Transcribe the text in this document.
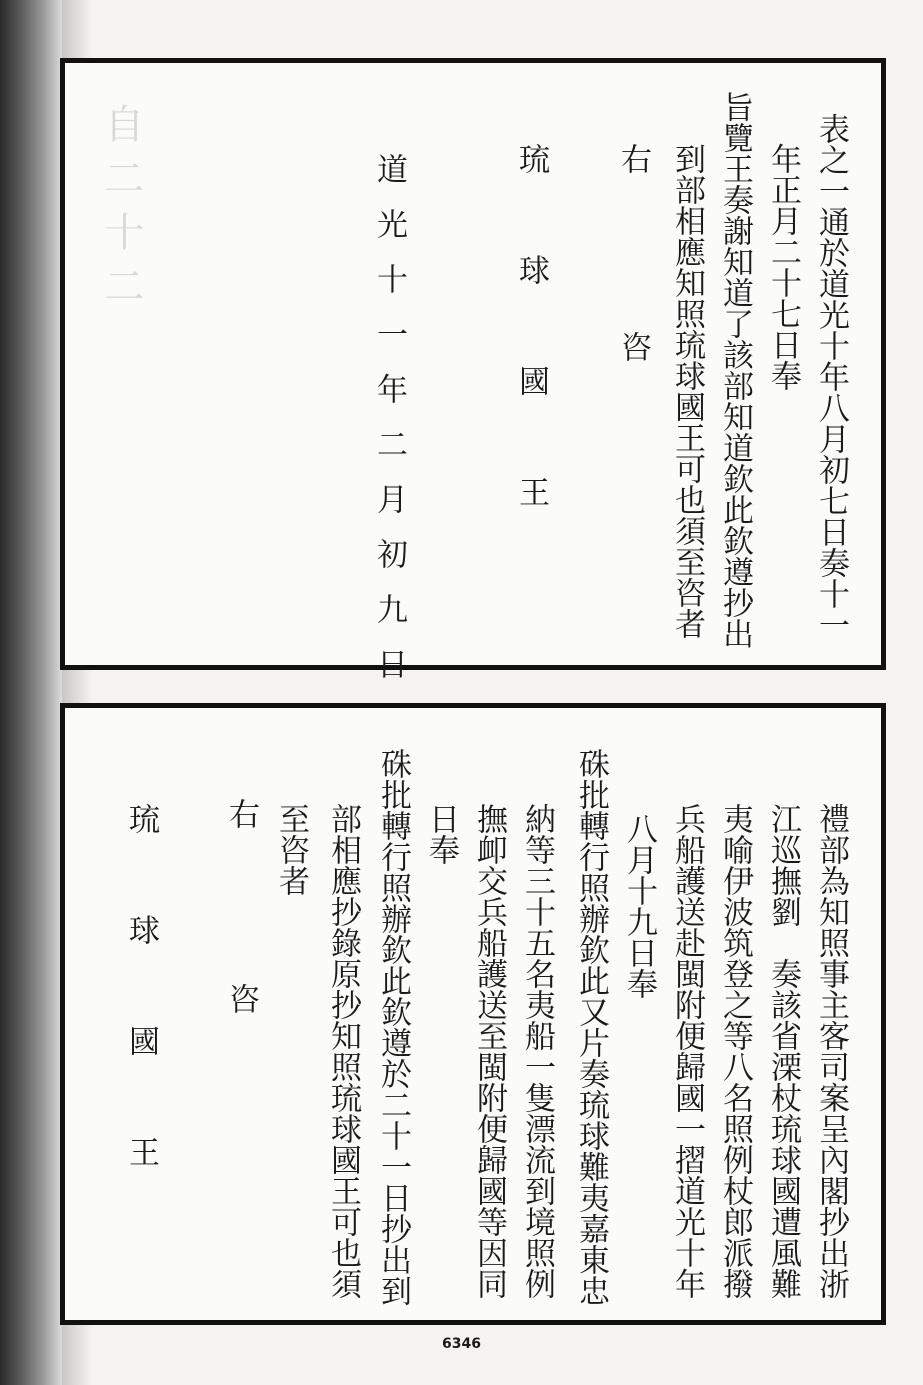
自二十二	表之一通於道光十年八月初七日奏十一
年正月二十七日奉
旨覽王奏謝知道了該部知道欽此欽遵抄出
到部相應知照琉球國王可也須至咨者
右
咨
琉球國王
道光十一年二月初九日
禮部為知照事主客司案呈內閣抄出浙
江巡撫劉　奏該省溧杖琉球國遭風難
夷喻伊波筑登之等八名照例杖郎派撥
兵船護送赴閩附便歸國一摺道光十年
八月十九日奉
硃批轉行照辦欽此又片奏琉球難夷嘉東忠
納等三十五名夷船一隻漂流到境照例
撫卹交兵船護送至閩附便歸國等因同
日奉
硃批轉行照辦欽此欽遵於二十一日抄出到
部相應抄錄原抄知照琉球國王可也須
至咨者
右
咨
琉球國王
6346
